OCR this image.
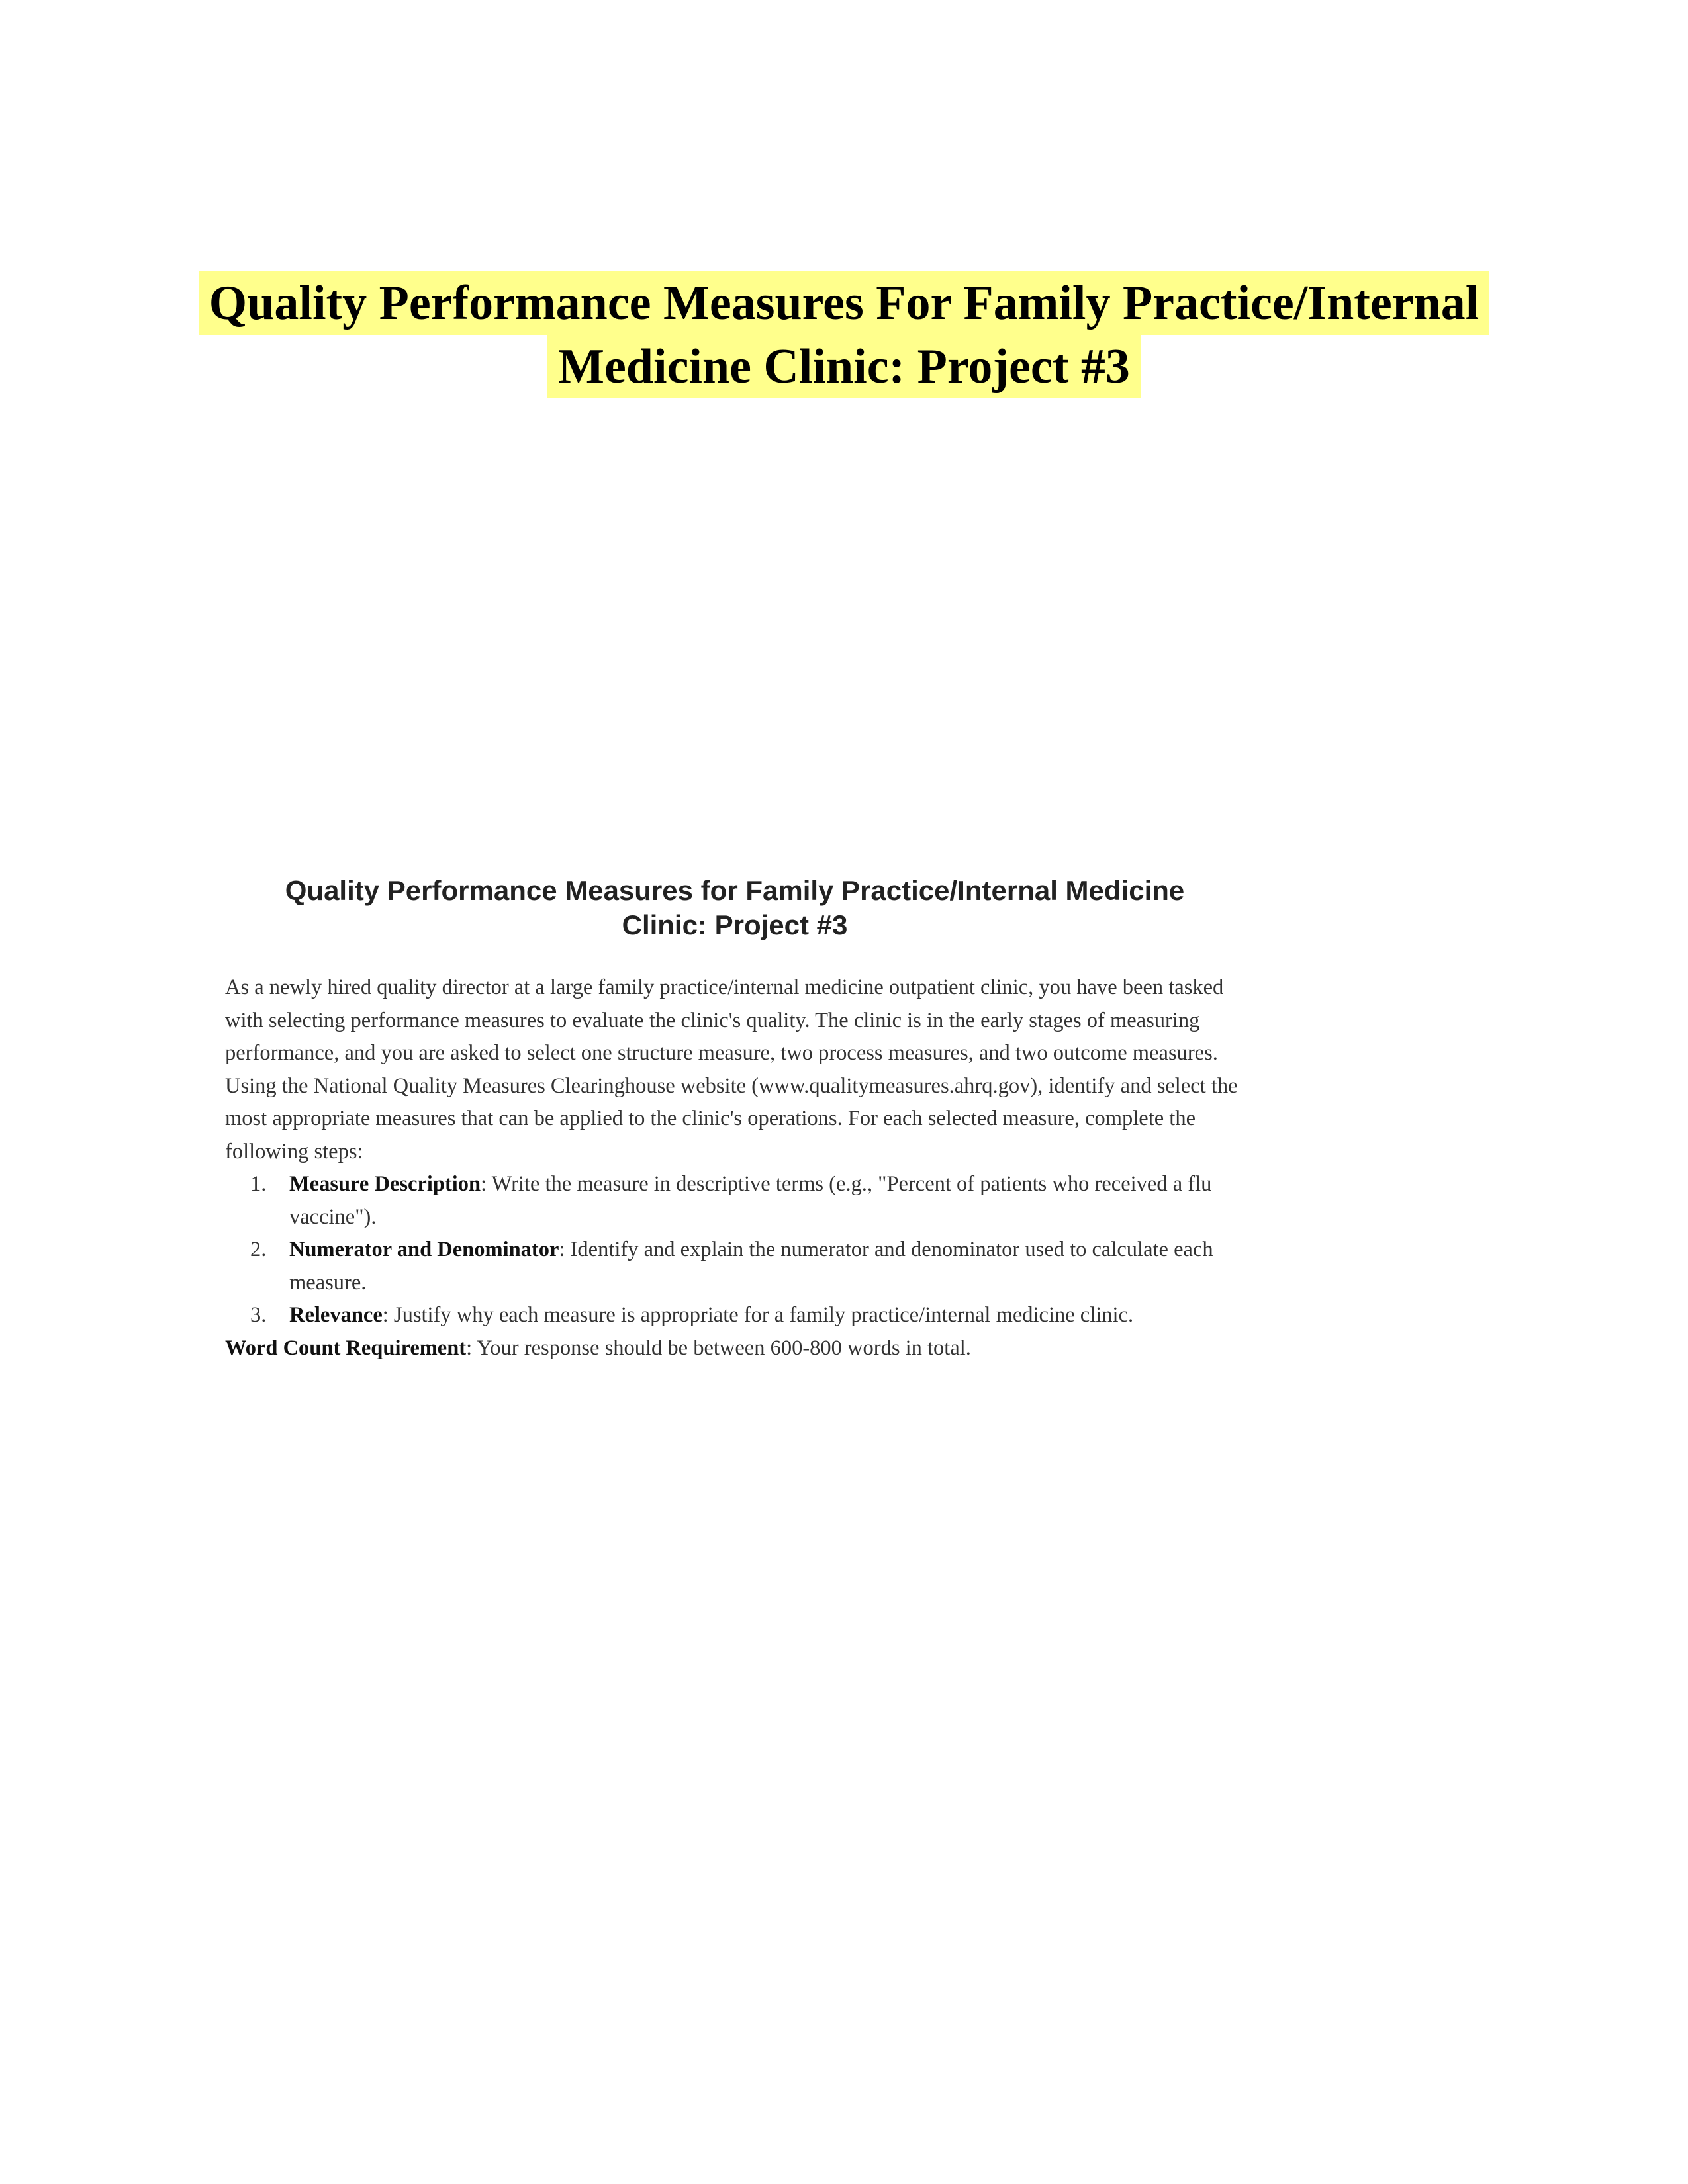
Quality Performance Measures For Family Practice/Internal
Medicine Clinic: Project #3
Quality Performance Measures for Family Practice/Internal Medicine
Clinic: Project #3

As a newly hired quality director at a large family practice/internal medicine outpatient clinic, you have been tasked with selecting performance measures to evaluate the clinic's quality. The clinic is in the early stages of measuring performance, and you are asked to select one structure measure, two process measures, and two outcome measures.

Using the National Quality Measures Clearinghouse website (www.qualitymeasures.ahrq.gov), identify and select the most appropriate measures that can be applied to the clinic's operations. For each selected measure, complete the following steps:

1. Measure Description: Write the measure in descriptive terms (e.g., "Percent of patients who received a flu vaccine").
2. Numerator and Denominator: Identify and explain the numerator and denominator used to calculate each measure.
3. Relevance: Justify why each measure is appropriate for a family practice/internal medicine clinic.

Word Count Requirement: Your response should be between 600-800 words in total.
